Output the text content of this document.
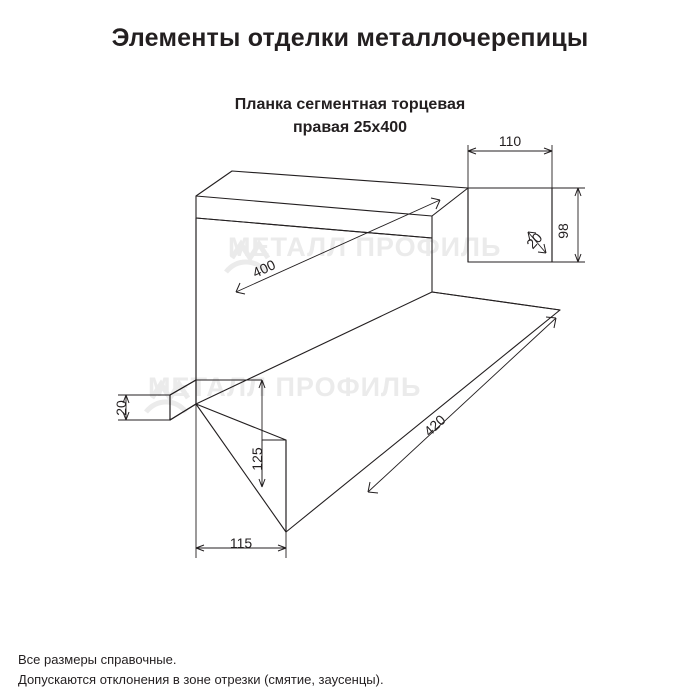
Элементы отделки металлочерепицы
Планка сегментная торцевая
правая 25х400
МЕТАЛЛ ПРОФИЛЬ
МЕТАЛЛ ПРОФИЛЬ
110
98
20
400
420
20
125
115
Все размеры справочные.
Допускаются отклонения в зоне отрезки (смятие, заусенцы).
